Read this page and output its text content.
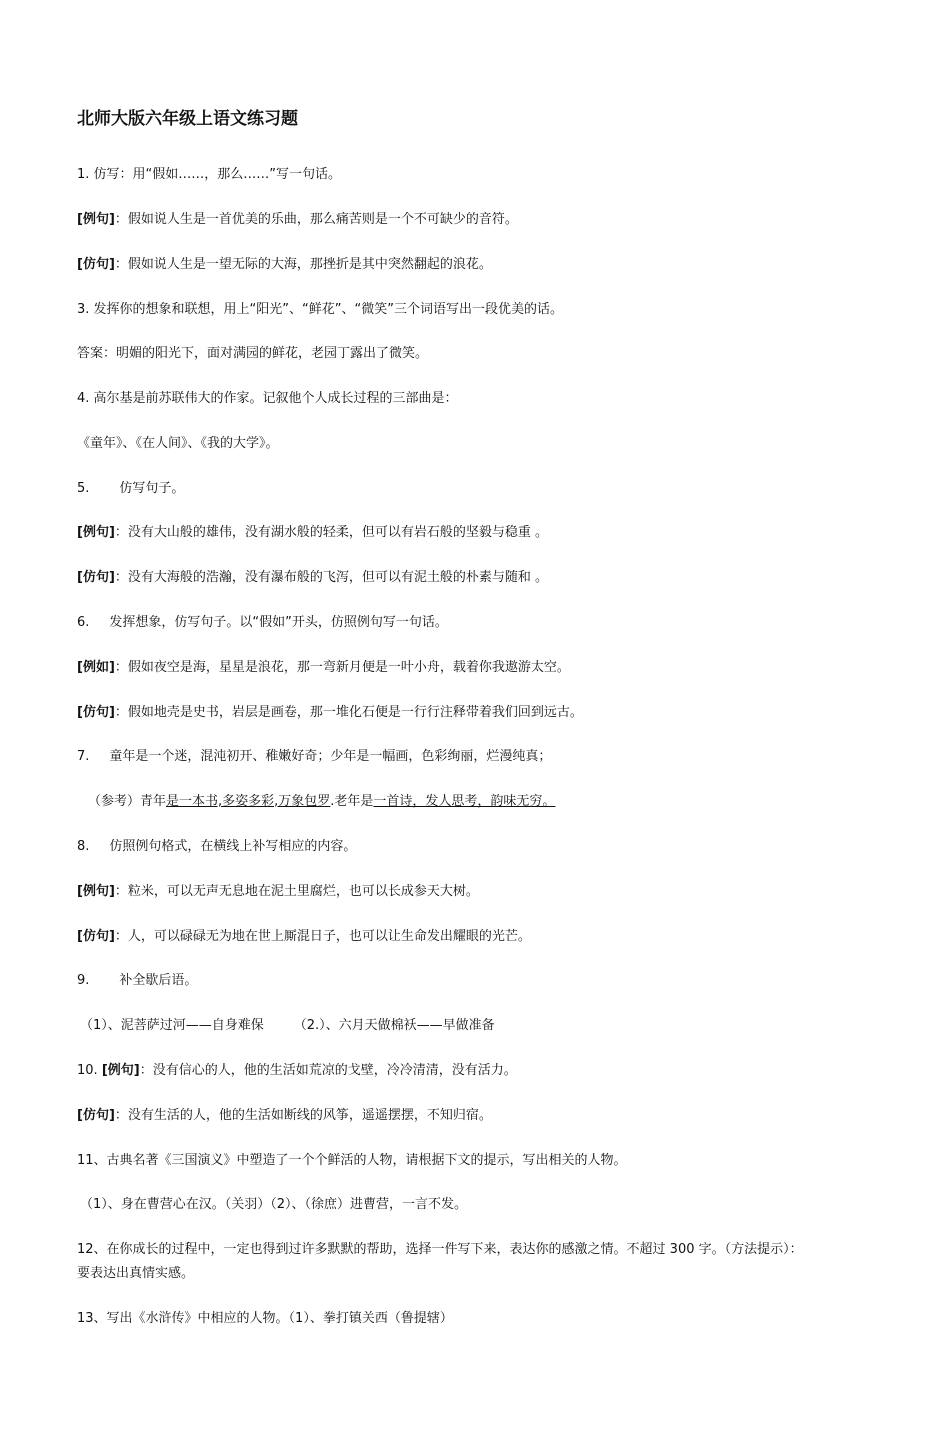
北师大版六年级上语文练习题

1. 仿写：用“假如……，那么……”写一句话。

[例句]：假如说人生是一首优美的乐曲，那么痛苦则是一个不可缺少的音符。

[仿句]：假如说人生是一望无际的大海，那挫折是其中突然翻起的浪花。

3. 发挥你的想象和联想，用上“阳光”、“鲜花”、“微笑”三个词语写出一段优美的话。

答案：明媚的阳光下，面对满园的鲜花，老园丁露出了微笑。

4. 高尔基是前苏联伟大的作家。记叙他个人成长过程的三部曲是：

《童年》、《在人间》、《我的大学》。

5. 仿写句子。

[例句]：没有大山般的雄伟，没有湖水般的轻柔，但可以有岩石般的坚毅与稳重 。

[仿句]：没有大海般的浩瀚，没有瀑布般的飞泻，但可以有泥土般的朴素与随和 。

6. 发挥想象，仿写句子。以“假如”开头，仿照例句写一句话。

[例如]：假如夜空是海，星星是浪花，那一弯新月便是一叶小舟，载着你我遨游太空。

[仿句]：假如地壳是史书，岩层是画卷，那一堆化石便是一行行注释带着我们回到远古。

7. 童年是一个迷，混沌初开、稚嫩好奇；少年是一幅画，色彩绚丽，烂漫纯真；

（参考）青年是一本书,多姿多彩,万象包罗.老年是一首诗，发人思考，韵味无穷。

8. 仿照例句格式，在横线上补写相应的内容。

[例句]：粒米，可以无声无息地在泥土里腐烂，也可以长成参天大树。

[仿句]：人，可以碌碌无为地在世上厮混日子，也可以让生命发出耀眼的光芒。

9. 补全歇后语。

（1）、泥菩萨过河——自身难保 （2.）、六月天做棉袄——早做准备

10. [例句]：没有信心的人，他的生活如荒凉的戈壁，冷冷清清，没有活力。

[仿句]：没有生活的人，他的生活如断线的风筝，遥遥摆摆，不知归宿。

11、古典名著《三国演义》中塑造了一个个鲜活的人物，请根据下文的提示，写出相关的人物。

（1）、身在曹营心在汉。（关羽）（2）、（徐庶）进曹营，一言不发。

12、在你成长的过程中，一定也得到过许多默默的帮助，选择一件写下来，表达你的感激之情。不超过 300 字。（方法提示）：

要表达出真情实感。

13、写出《水浒传》中相应的人物。（1）、拳打镇关西（鲁提辖）
